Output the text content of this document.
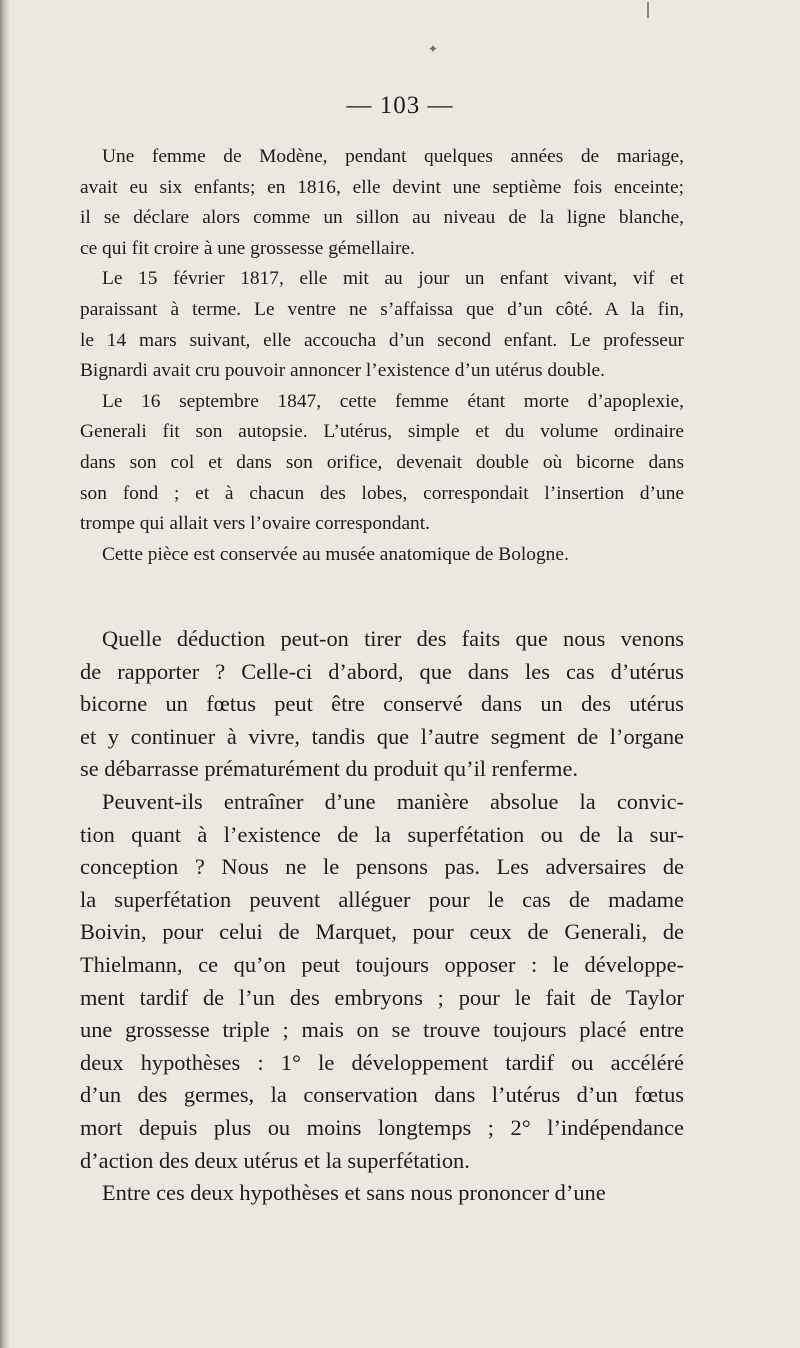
✦
— 103 —
Une femme de Modène, pendant quelques années de mariage,
avait eu six enfants; en 1816, elle devint une septième fois enceinte;
il se déclare alors comme un sillon au niveau de la ligne blanche,
ce qui fit croire à une grossesse gémellaire.
Le 15 février 1817, elle mit au jour un enfant vivant, vif et
paraissant à terme. Le ventre ne s’affaissa que d’un côté. A la fin,
le 14 mars suivant, elle accoucha d’un second enfant. Le professeur
Bignardi avait cru pouvoir annoncer l’existence d’un utérus double.
Le 16 septembre 1847, cette femme étant morte d’apoplexie,
Generali fit son autopsie. L’utérus, simple et du volume ordinaire
dans son col et dans son orifice, devenait double où bicorne dans
son fond ; et à chacun des lobes, correspondait l’insertion d’une
trompe qui allait vers l’ovaire correspondant.
Cette pièce est conservée au musée anatomique de Bologne.
Quelle déduction peut-on tirer des faits que nous venons
de rapporter ? Celle-ci d’abord, que dans les cas d’utérus
bicorne un fœtus peut être conservé dans un des utérus
et y continuer à vivre, tandis que l’autre segment de l’organe
se débarrasse prématurément du produit qu’il renferme.
Peuvent-ils entraîner d’une manière absolue la convic-
tion quant à l’existence de la superfétation ou de la sur-
conception ? Nous ne le pensons pas. Les adversaires de
la superfétation peuvent alléguer pour le cas de madame
Boivin, pour celui de Marquet, pour ceux de Generali, de
Thielmann, ce qu’on peut toujours opposer : le développe-
ment tardif de l’un des embryons ; pour le fait de Taylor
une grossesse triple ; mais on se trouve toujours placé entre
deux hypothèses : 1° le développement tardif ou accéléré
d’un des germes, la conservation dans l’utérus d’un fœtus
mort depuis plus ou moins longtemps ; 2° l’indépendance
d’action des deux utérus et la superfétation.
Entre ces deux hypothèses et sans nous prononcer d’une
